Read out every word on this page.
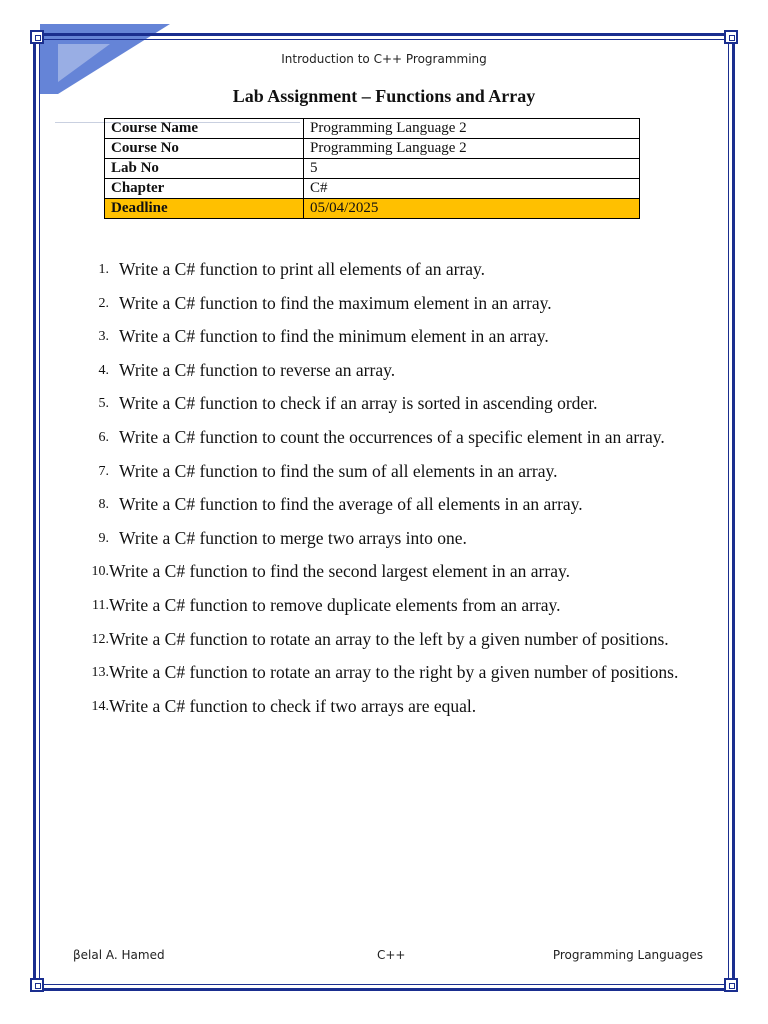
Introduction to C++ Programming
Lab Assignment – Functions and Array
Course Name	Programming Language 2
Course No	Programming Language 2
Lab No	5
Chapter	C#
Deadline	05/04/2025
1. Write a C# function to print all elements of an array.
2. Write a C# function to find the maximum element in an array.
3. Write a C# function to find the minimum element in an array.
4. Write a C# function to reverse an array.
5. Write a C# function to check if an array is sorted in ascending order.
6. Write a C# function to count the occurrences of a specific element in an array.
7. Write a C# function to find the sum of all elements in an array.
8. Write a C# function to find the average of all elements in an array.
9. Write a C# function to merge two arrays into one.
10. Write a C# function to find the second largest element in an array.
11. Write a C# function to remove duplicate elements from an array.
12. Write a C# function to rotate an array to the left by a given number of positions.
13. Write a C# function to rotate an array to the right by a given number of positions.
14. Write a C# function to check if two arrays are equal.
βelal A. Hamed	C++	Programming Languages
